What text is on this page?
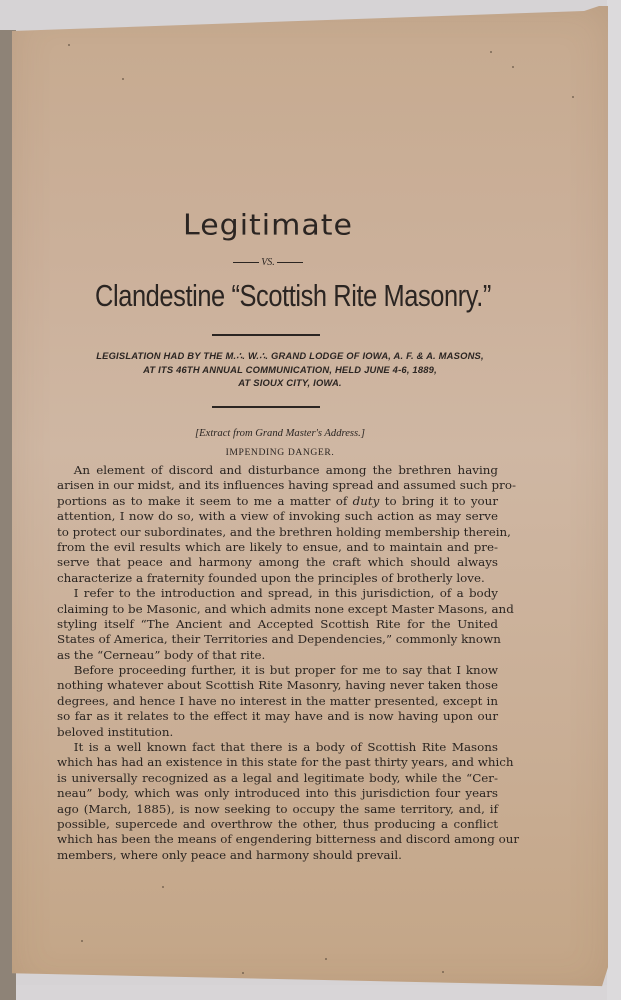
Legitimate
VS.
Clandestine “Scottish Rite Masonry.”
LEGISLATION HAD BY THE M.∴. W.∴. GRAND LODGE OF IOWA, A. F. & A. MASONS,
AT ITS 46TH ANNUAL COMMUNICATION, HELD JUNE 4-6, 1889,
AT SIOUX CITY, IOWA.
[Extract from Grand Master's Address.]
IMPENDING DANGER.
An element of discord and disturbance among the brethren having
arisen in our midst, and its influences having spread and assumed such pro-
portions as to make it seem to me a matter of duty to bring it to your
attention, I now do so, with a view of invoking such action as may serve
to protect our subordinates, and the brethren holding membership therein,
from the evil results which are likely to ensue, and to maintain and pre-
serve that peace and harmony among the craft which should always
characterize a fraternity founded upon the principles of brotherly love.
I refer to the introduction and spread, in this jurisdiction, of a body
claiming to be Masonic, and which admits none except Master Masons, and
styling itself “The Ancient and Accepted Scottish Rite for the United
States of America, their Territories and Dependencies,” commonly known
as the “Cerneau” body of that rite.
Before proceeding further, it is but proper for me to say that I know
nothing whatever about Scottish Rite Masonry, having never taken those
degrees, and hence I have no interest in the matter presented, except in
so far as it relates to the effect it may have and is now having upon our
beloved institution.
It is a well known fact that there is a body of Scottish Rite Masons
which has had an existence in this state for the past thirty years, and which
is universally recognized as a legal and legitimate body, while the “Cer-
neau” body, which was only introduced into this jurisdiction four years
ago (March, 1885), is now seeking to occupy the same territory, and, if
possible, supercede and overthrow the other, thus producing a conflict
which has been the means of engendering bitterness and discord among our
members, where only peace and harmony should prevail.
